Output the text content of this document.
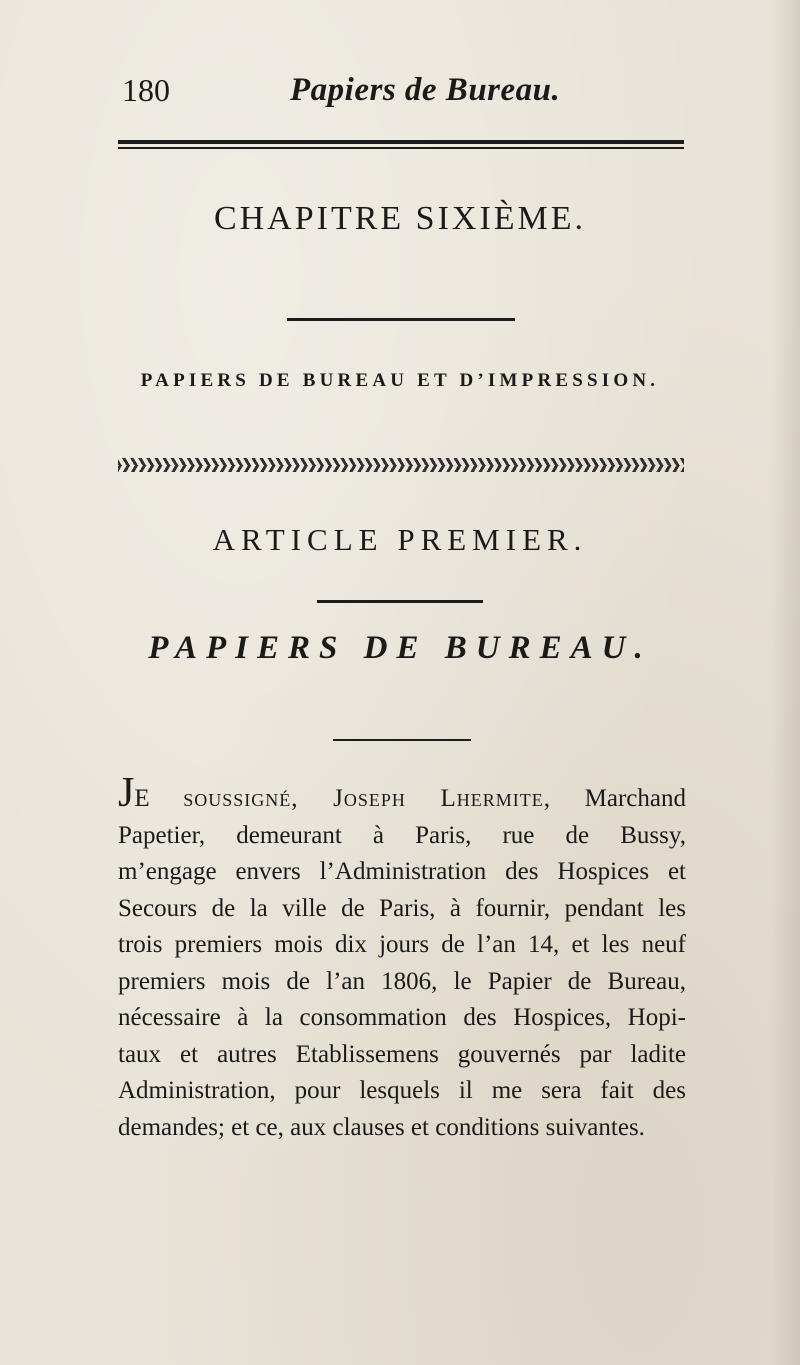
180	Papiers de Bureau.
CHAPITRE SIXIÈME.
PAPIERS DE BUREAU ET D’IMPRESSION.
ARTICLE PREMIER.
PAPIERS DE BUREAU.
JE soussigné, Joseph Lhermite, Marchand
Papetier, demeurant à Paris, rue de Bussy,
m’engage envers l’Administration des Hospices et
Secours de la ville de Paris, à fournir, pendant les
trois premiers mois dix jours de l’an 14, et les neuf
premiers mois de l’an 1806, le Papier de Bureau,
nécessaire à la consommation des Hospices, Hopi-
taux et autres Etablissemens gouvernés par ladite
Administration, pour lesquels il me sera fait des
demandes; et ce, aux clauses et conditions suivantes.
